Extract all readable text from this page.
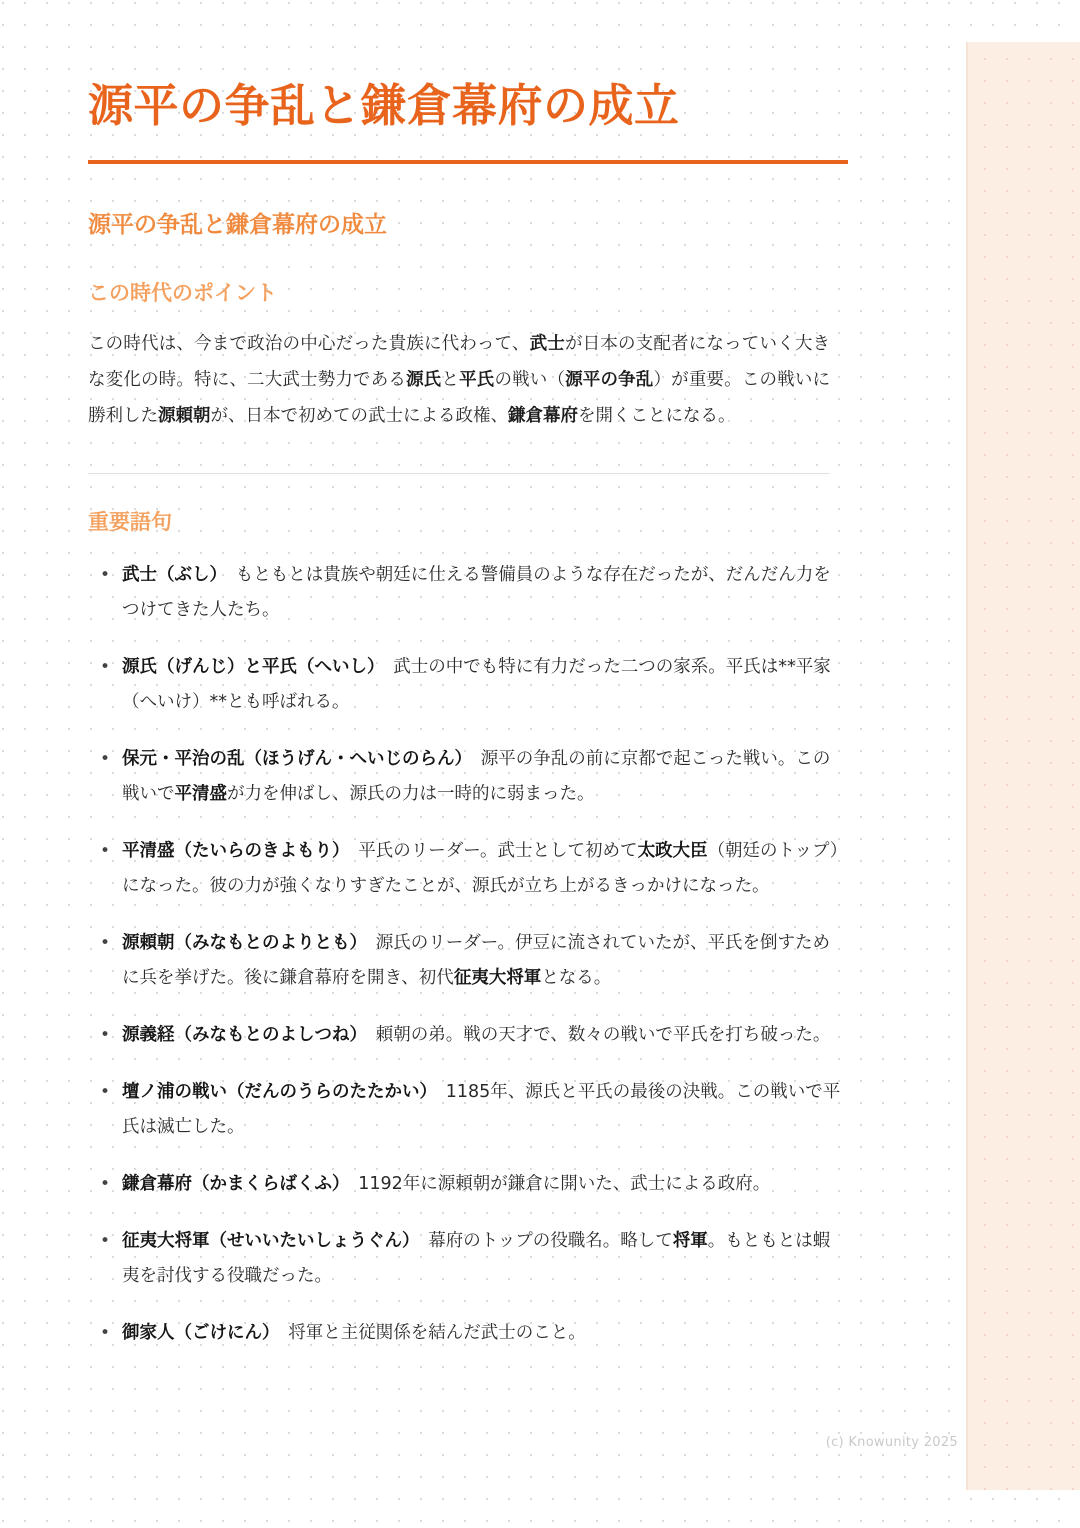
源平の争乱と鎌倉幕府の成立
源平の争乱と鎌倉幕府の成立
この時代のポイント

この時代は、今まで政治の中心だった貴族に代わって、武士が日本の支配者になっていく大きな変化の時。特に、二大武士勢力である源氏と平氏の戦い（源平の争乱）が重要。この戦いに勝利した源頼朝が、日本で初めての武士による政権、鎌倉幕府を開くことになる。

重要語句
• 武士（ぶし）　もともとは貴族や朝廷に仕える警備員のような存在だったが、だんだん力をつけてきた人たち。
• 源氏（げんじ）と平氏（へいし）　武士の中でも特に有力だった二つの家系。平氏は**平家（へいけ）**とも呼ばれる。
• 保元・平治の乱（ほうげん・へいじのらん）　源平の争乱の前に京都で起こった戦い。この戦いで平清盛が力を伸ばし、源氏の力は一時的に弱まった。
• 平清盛（たいらのきよもり）　平氏のリーダー。武士として初めて太政大臣（朝廷のトップ）になった。彼の力が強くなりすぎたことが、源氏が立ち上がるきっかけになった。
• 源頼朝（みなもとのよりとも）　源氏のリーダー。伊豆に流されていたが、平氏を倒すために兵を挙げた。後に鎌倉幕府を開き、初代征夷大将軍となる。
• 源義経（みなもとのよしつね）　頼朝の弟。戦の天才で、数々の戦いで平氏を打ち破った。
• 壇ノ浦の戦い（だんのうらのたたかい）　1185年、源氏と平氏の最後の決戦。この戦いで平氏は滅亡した。
• 鎌倉幕府（かまくらばくふ）　1192年に源頼朝が鎌倉に開いた、武士による政府。
• 征夷大将軍（せいいたいしょうぐん）　幕府のトップの役職名。略して将軍。もともとは蝦夷を討伐する役職だった。
• 御家人（ごけにん）　将軍と主従関係を結んだ武士のこと。
(c) Knowunity 2025
